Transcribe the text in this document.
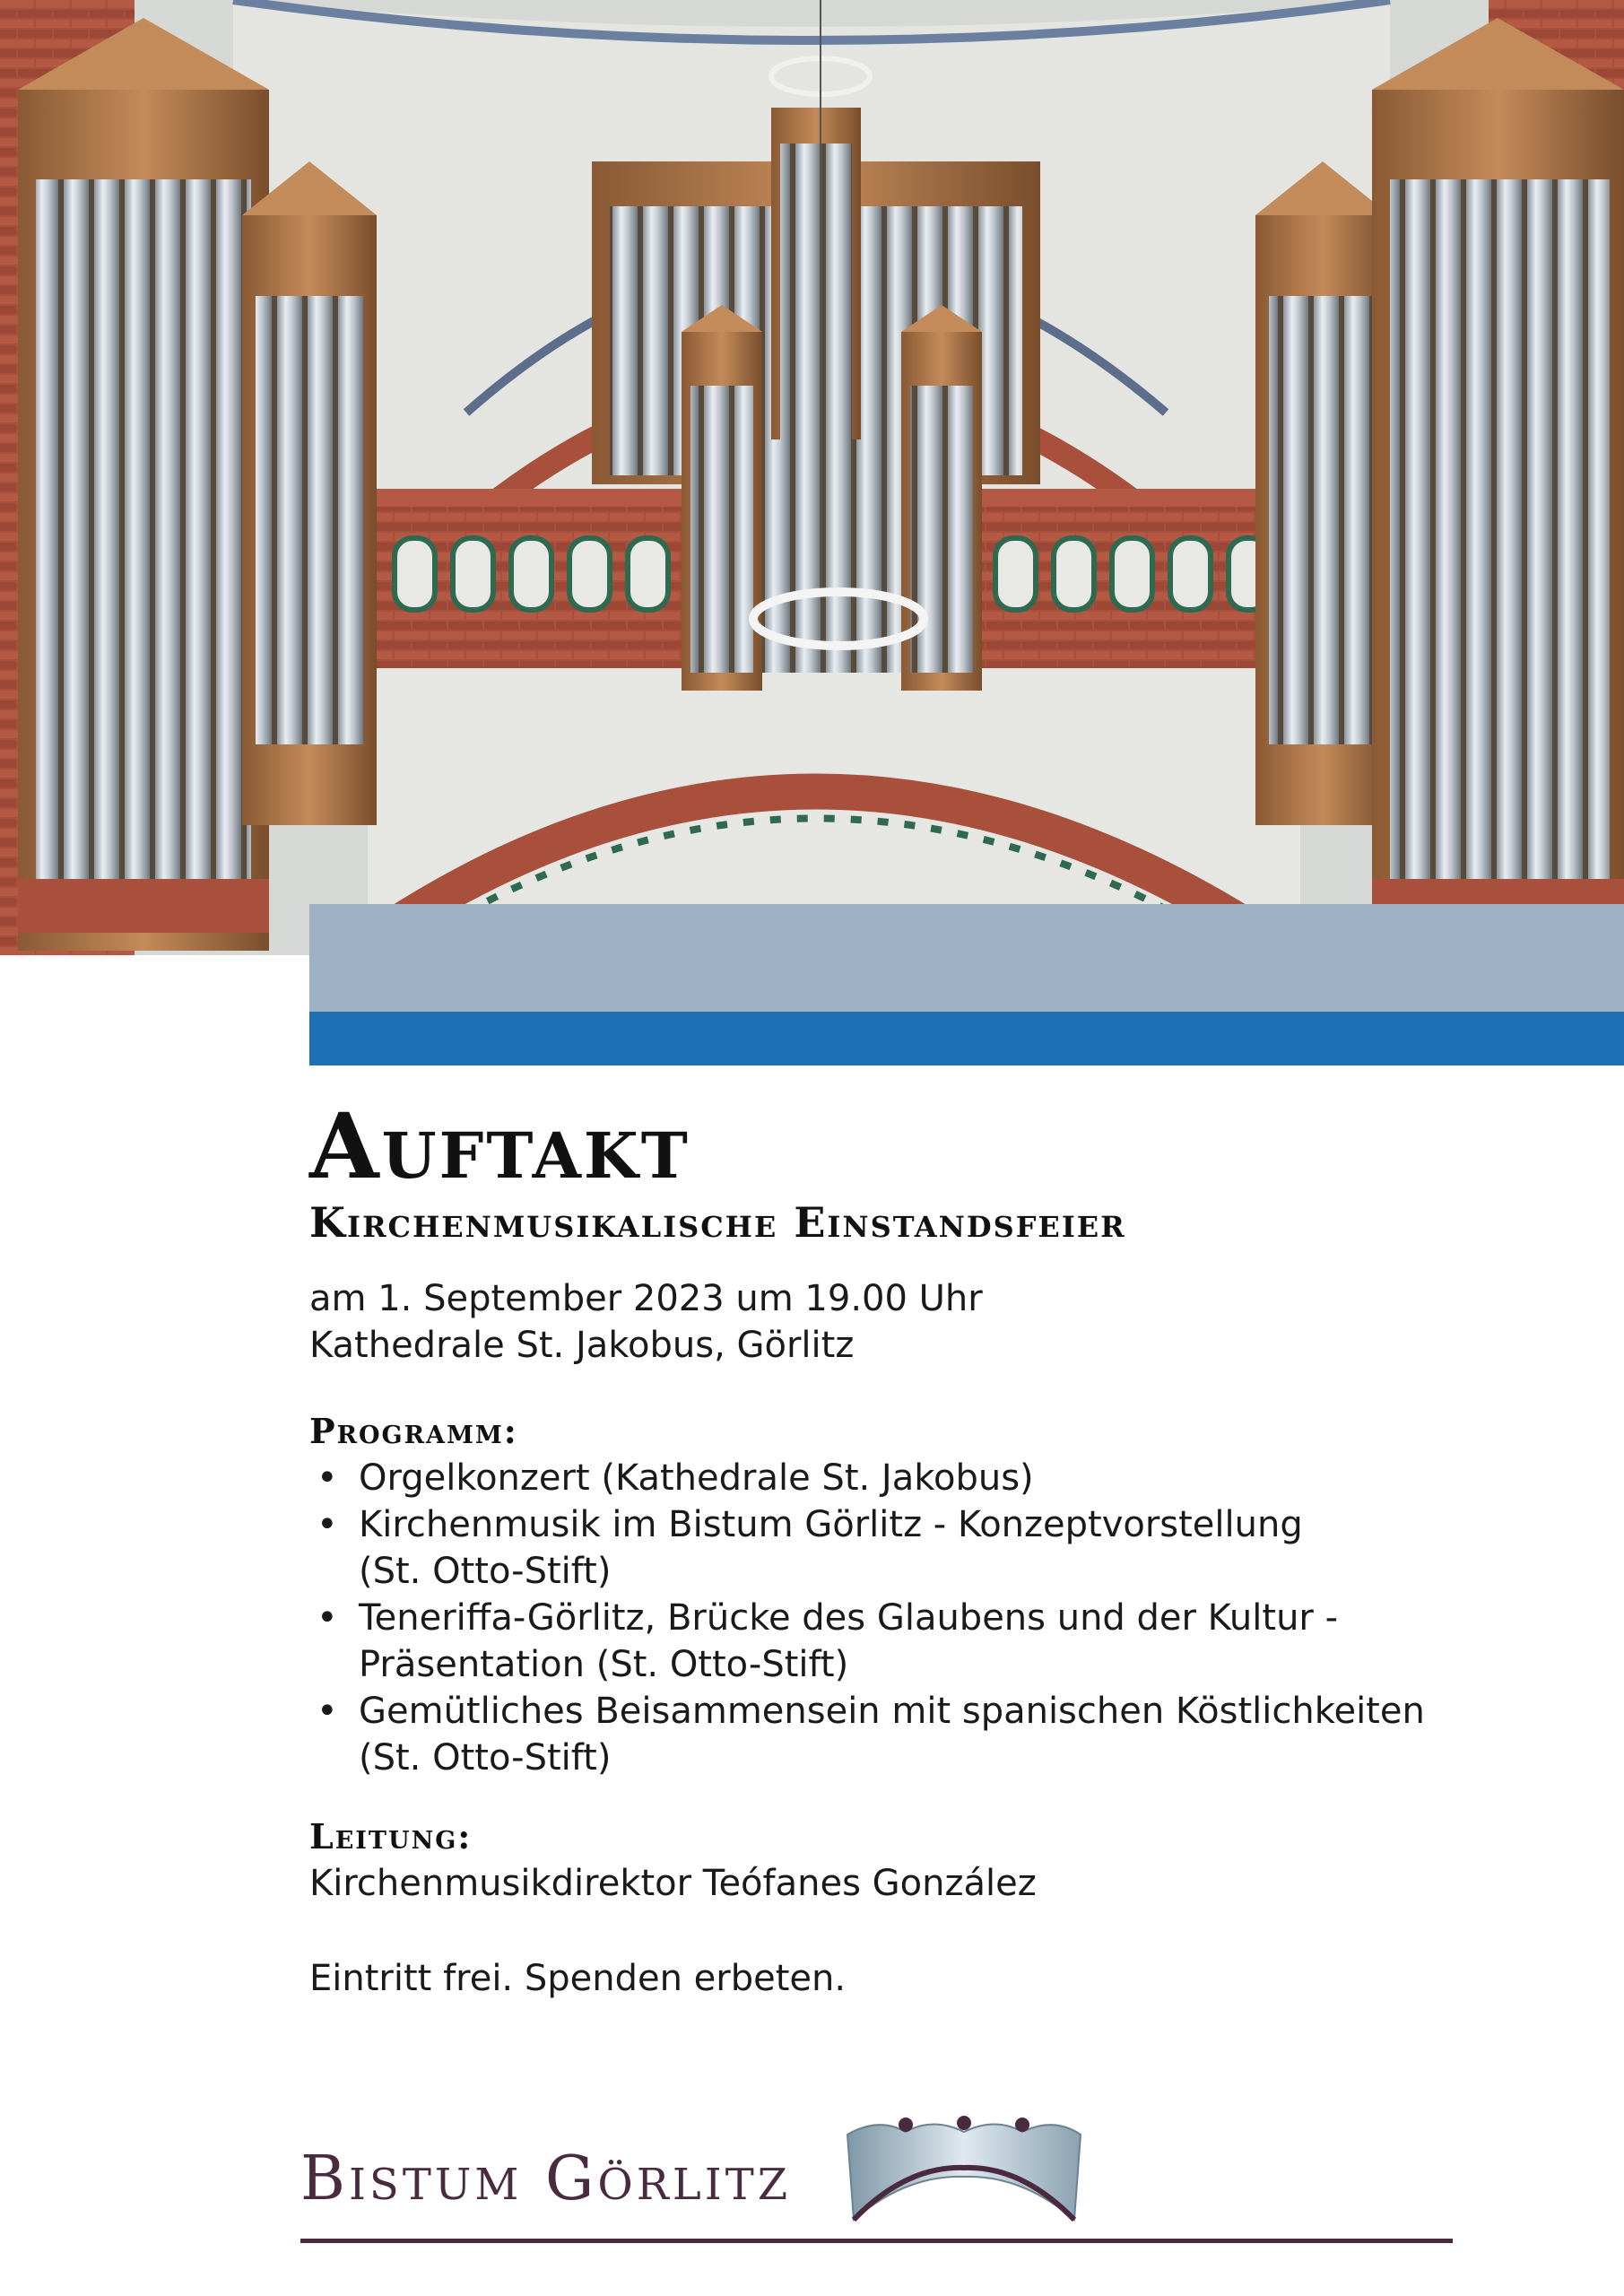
Auftakt
Kirchenmusikalische Einstandsfeier
am 1. September 2023 um 19.00 Uhr
Kathedrale St. Jakobus, Görlitz
Programm:
• Orgelkonzert (Kathedrale St. Jakobus)
• Kirchenmusik im Bistum Görlitz - Konzeptvorstellung
(St. Otto-Stift)
• Teneriffa-Görlitz, Brücke des Glaubens und der Kultur -
Präsentation (St. Otto-Stift)
• Gemütliches Beisammensein mit spanischen Köstlichkeiten
(St. Otto-Stift)
Leitung:
Kirchenmusikdirektor Teófanes González
Eintritt frei. Spenden erbeten.
Bistum Görlitz
